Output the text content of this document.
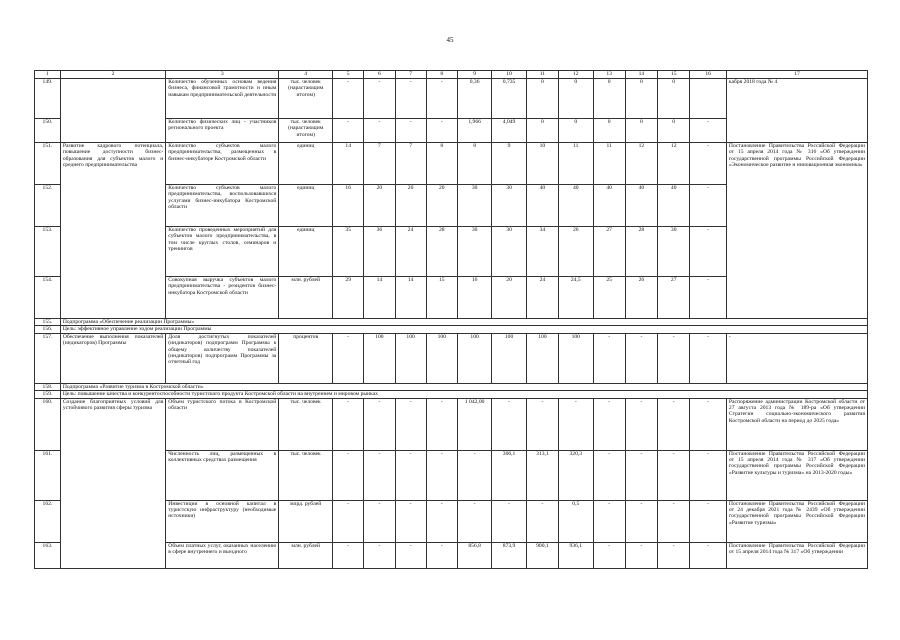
45
1	2	3	4	5	6	7	8	9	10	11	12	13	14	15	16	17
149.		Количество обученных основам ведения бизнеса, финансовой грамотности и иным навыкам предпринимательской деятельности	тыс. человек (нарастающим итогом)	-	-	-	-	0,36	0,735	0	0	0	0	0		кабря 2018 года № 4
150.		Количество физических лиц - участников регионального проекта	тыс. человек (нарастающим итогом)	-	-	-	-	1,966	4,049	0	0	0	0	0	-	
151.	Развитие кадрового потенциала, повышение доступности бизнес-образования для субъектов малого и среднего предпринимательства	Количество субъектов малого предпринимательства, размещенных в бизнес-инкубаторе Костромской области	единиц	14	7	7	8	8	9	10	11	11	12	12	-	Постановление Правительства Российской Федерации от 15 апреля 2014 года № 316 «Об утверждении государственной программы Российской Федерации «Экономическое развитие и инновационная экономика»
152.		Количество субъектов малого предпринимательства, воспользовавшихся услугами бизнес-инкубатора Костромской области	единиц	16	20	20	20	30	30	40	40	40	40	40	-	
153.		Количество проведенных мероприятий для субъектов малого предпринимательства, в том числе круглых столов, семинаров и тренингов	единиц	35	36	24	28	30	30	34	26	27	28	30	-	
154.		Совокупная выручка субъектов малого предпринимательства - резидентов бизнес-инкубатора Костромской области	млн. рублей	29	14	14	15	16	20	24	24,5	25	26	27	-	
155.	Подпрограмма «Обеспечение реализации Программы»															
156.	Цель: эффективное управление ходом реализации Программы															
157.	Обеспечение выполнения показателей (индикаторов) Программы	Доля достигнутых показателей (индикаторов) подпрограмм Программы к общему количеству показателей (индикаторов) подпрограмм Программы за отчетный год	процентов	-	100	100	100	100	100	100	100	-	-	-	-	-
158.	Подпрограмма «Развитие туризма в Костромской области»															
159.	Цель: повышение качества и конкурентоспособности туристского продукта Костромской области на внутреннем и мировом рынках															
160.	Создание благоприятных условий для устойчивого развития сферы туризма	Объем туристского потока в Костромской области	тыс. человек	-	-	-	-	1 042,00	-	-	-	-	-	-	-	Распоряжение администрации Костромской области от 27 августа 2013 года № 189-ра «Об утверждении Стратегии социально-экономического развития Костромской области на период до 2025 года»
161.		Численность лиц, размещенных в коллективных средствах размещения	тыс. человек	-	-	-	-	-	306,1	313,1	320,3	-	-	-	-	Постановление Правительства Российской Федерации от 15 апреля 2014 года № 317 «Об утверждении государственной программы Российской Федерации «Развитие культуры и туризма» на 2013-2020 годы»
162.		Инвестиции в основной капитал в туристскую инфраструктуру (необходимые источники)	млрд. рублей	-	-	-	-	-	-	-	0,5	-	-	-	-	Постановление Правительства Российской Федерации от 24 декабря 2021 года № 2439 «Об утверждении государственной программы Российской Федерации «Развитие туризма»
163.		Объем платных услуг, оказанных населению в сфере внутреннего и въездного	млн. рублей	-	-	-	-	856,8	873,9	900,1	936,1	-	-	-	-	Постановление Правительства Российской Федерации от 15 апреля 2014 года № 317 «Об утверждении
